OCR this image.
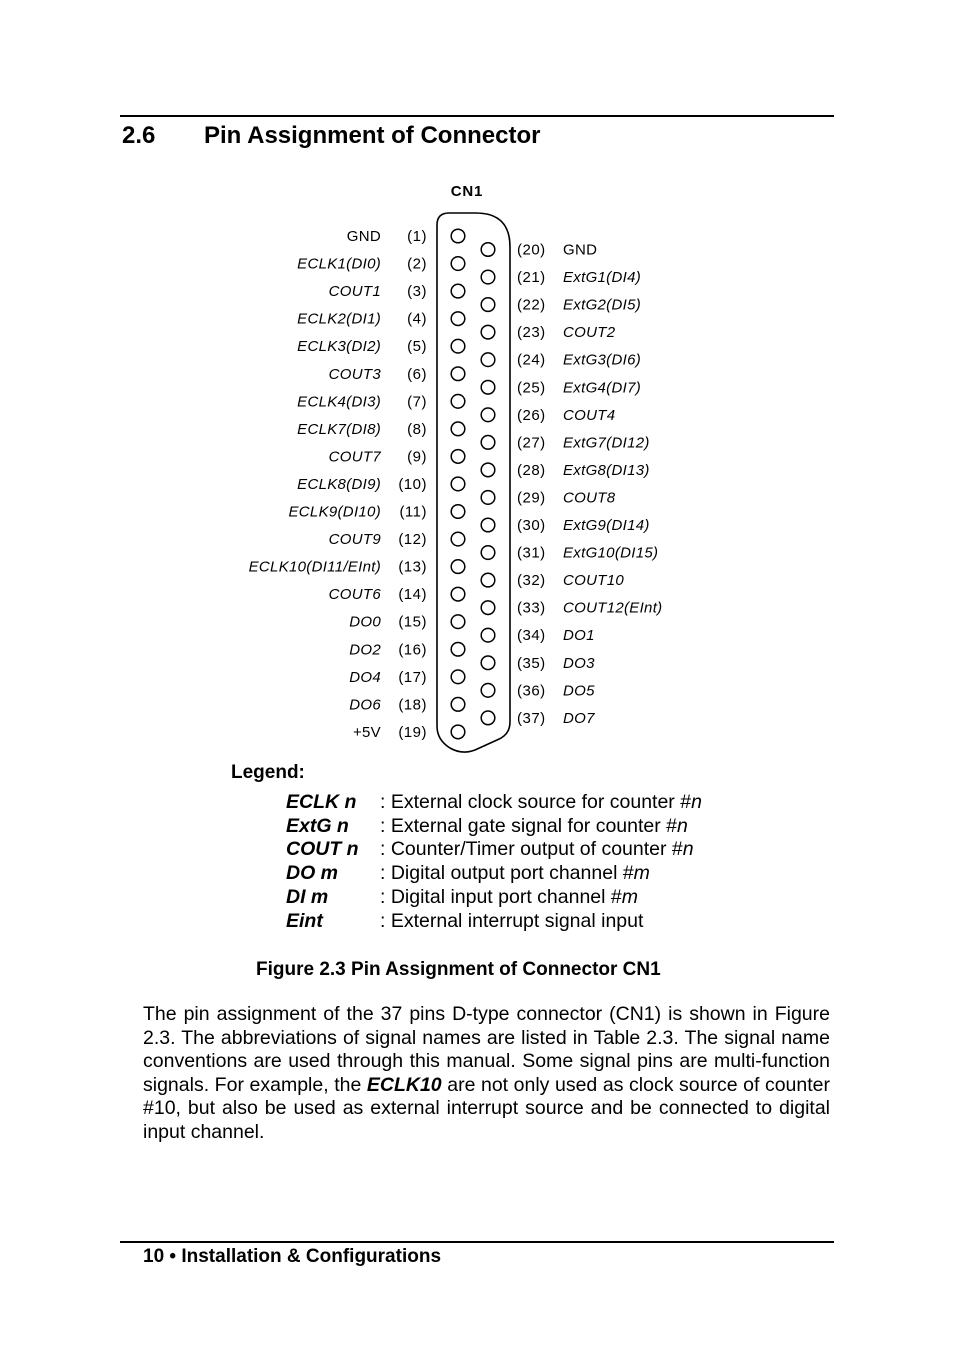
2.6 Pin Assignment of Connector
CN1
(1)
GND
(2)
ECLK1(DI0)
(3)
COUT1
(4)
ECLK2(DI1)
(5)
ECLK3(DI2)
(6)
COUT3
(7)
ECLK4(DI3)
(8)
ECLK7(DI8)
(9)
COUT7
(10)
ECLK8(DI9)
(11)
ECLK9(DI10)
(12)
COUT9
(13)
ECLK10(DI11/EInt)
(14)
COUT6
(15)
DO0
(16)
DO2
(17)
DO4
(18)
DO6
(19)
+5V
(20) GND
(21) ExtG1(DI4)
(22) ExtG2(DI5)
(23) COUT2
(24) ExtG3(DI6)
(25) ExtG4(DI7)
(26) COUT4
(27) ExtG7(DI12)
(28) ExtG8(DI13)
(29) COUT8
(30) ExtG9(DI14)
(31) ExtG10(DI15)
(32) COUT10
(33) COUT12(EInt)
(34) DO1
(35) DO3
(36) DO5
(37) DO7
Legend:
ECLK n : External clock source for counter #n
ExtG n : External gate signal for counter #n
COUT n : Counter/Timer output of counter #n
DO m : Digital output port channel #m
DI m	: Digital input port channel #m
Eint	: External interrupt signal input
Figure 2.3 Pin Assignment of Connector CN1
The pin assignment of the 37 pins D-type connector (CN1) is shown in Figure 2.3. The abbreviations of signal names are listed in Table 2.3. The signal name conventions are used through this manual. Some signal pins are multi-function signals. For example, the ECLK10 are not only used as clock source of counter #10, but also be used as external interrupt source and be connected to digital input channel.
10 • Installation & Configurations
